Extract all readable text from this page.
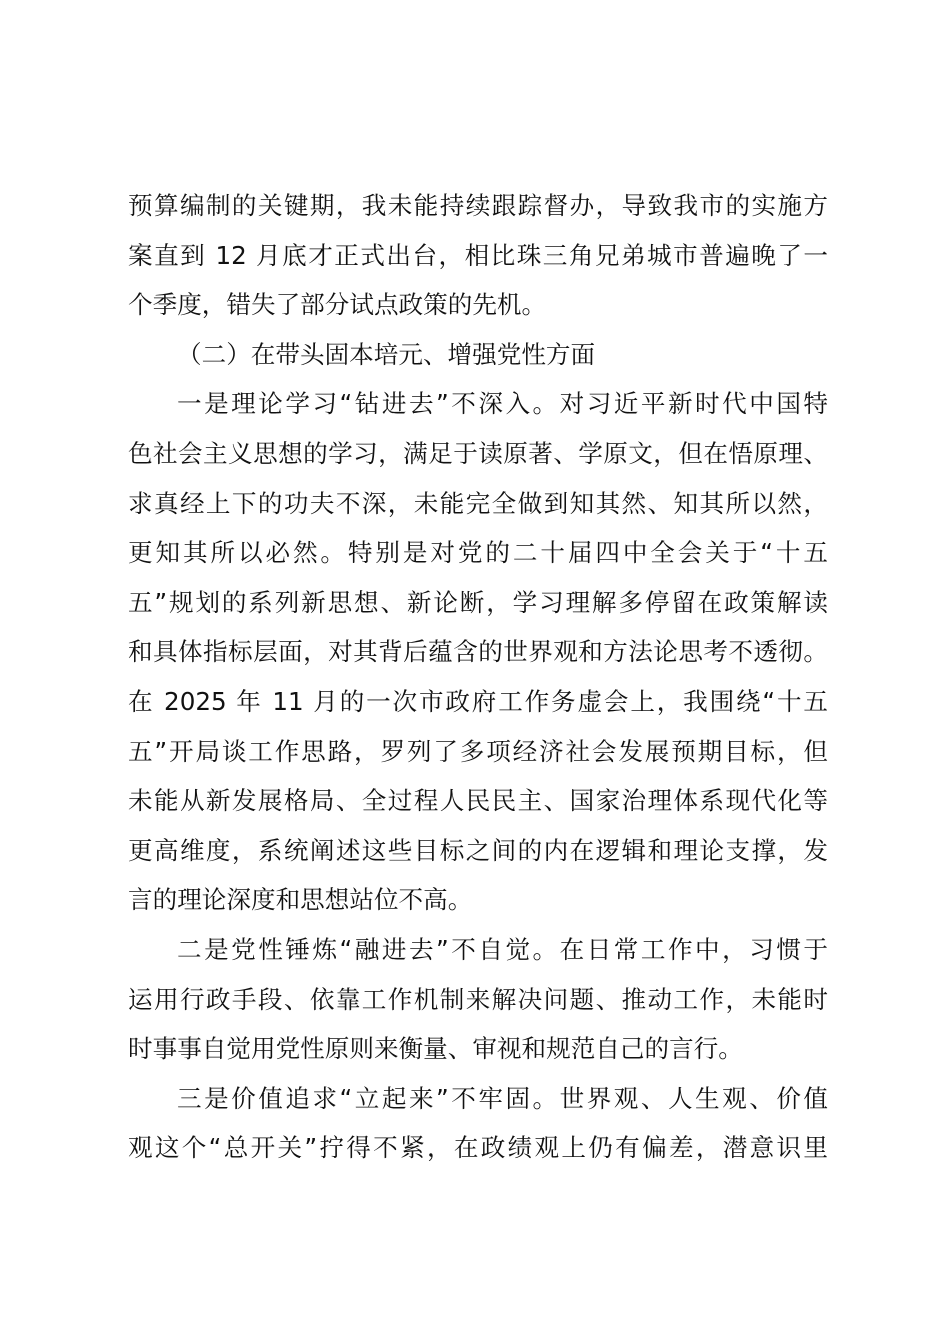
预算编制的关键期，我未能持续跟踪督办，导致我市的实施方
案直到 12 月底才正式出台，相比珠三角兄弟城市普遍晚了一
个季度，错失了部分试点政策的先机。
（二）在带头固本培元、增强党性方面
一是理论学习“钻进去”不深入。对习近平新时代中国特
色社会主义思想的学习，满足于读原著、学原文，但在悟原理、
求真经上下的功夫不深，未能完全做到知其然、知其所以然，
更知其所以必然。特别是对党的二十届四中全会关于“十五
五”规划的系列新思想、新论断，学习理解多停留在政策解读
和具体指标层面，对其背后蕴含的世界观和方法论思考不透彻。
在 2025 年 11 月的一次市政府工作务虚会上，我围绕“十五
五”开局谈工作思路，罗列了多项经济社会发展预期目标，但
未能从新发展格局、全过程人民民主、国家治理体系现代化等
更高维度，系统阐述这些目标之间的内在逻辑和理论支撑，发
言的理论深度和思想站位不高。
二是党性锤炼“融进去”不自觉。在日常工作中，习惯于
运用行政手段、依靠工作机制来解决问题、推动工作，未能时
时事事自觉用党性原则来衡量、审视和规范自己的言行。
三是价值追求“立起来”不牢固。世界观、人生观、价值
观这个“总开关”拧得不紧，在政绩观上仍有偏差，潜意识里
